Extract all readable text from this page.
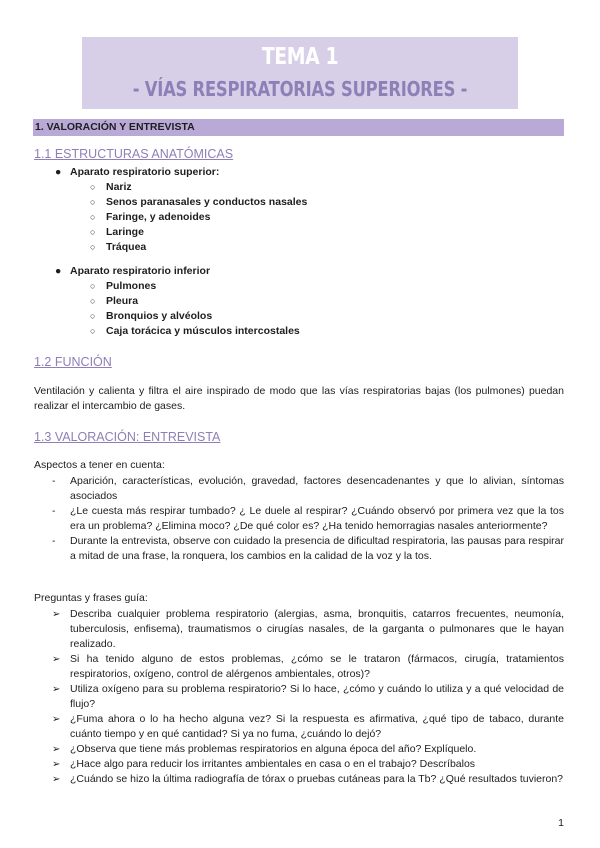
TEMA 1
- VÍAS RESPIRATORIAS SUPERIORES -
1. VALORACIÓN Y ENTREVISTA
1.1 ESTRUCTURAS ANATÓMICAS
● Aparato respiratorio superior:
○ Nariz
○ Senos paranasales y conductos nasales
○ Faringe, y adenoides
○ Laringe
○ Tráquea
● Aparato respiratorio inferior
○ Pulmones
○ Pleura
○ Bronquios y alvéolos
○ Caja torácica y músculos intercostales
1.2 FUNCIÓN

Ventilación y calienta y filtra el aire inspirado de modo que las vías respiratorias bajas (los pulmones) puedan realizar el intercambio de gases.

1.3 VALORACIÓN: ENTREVISTA

Aspectos a tener en cuenta:

- Aparición, características, evolución, gravedad, factores desencadenantes y que lo alivian, síntomas asociados
- ¿Le cuesta más respirar tumbado? ¿ Le duele al respirar? ¿Cuándo observó por primera vez que la tos era un problema? ¿Elimina moco? ¿De qué color es? ¿Ha tenido hemorragias nasales anteriormente?
- Durante la entrevista, observe con cuidado la presencia de dificultad respiratoria, las pausas para respirar a mitad de una frase, la ronquera, los cambios en la calidad de la voz y la tos.

Preguntas y frases guía:

➢ Describa cualquier problema respiratorio (alergias, asma, bronquitis, catarros frecuentes, neumonía, tuberculosis, enfisema), traumatismos o cirugías nasales, de la garganta o pulmonares que le hayan realizado.
➢ Si ha tenido alguno de estos problemas, ¿cómo se le trataron (fármacos, cirugía, tratamientos respiratorios, oxígeno, control de alérgenos ambientales, otros)?
➢ Utiliza oxígeno para su problema respiratorio? Si lo hace, ¿cómo y cuándo lo utiliza y a qué velocidad de flujo?
➢ ¿Fuma ahora o lo ha hecho alguna vez? Si la respuesta es afirmativa, ¿qué tipo de tabaco, durante cuánto tiempo y en qué cantidad? Si ya no fuma, ¿cuándo lo dejó?
➢ ¿Observa que tiene más problemas respiratorios en alguna época del año? Explíquelo.
➢ ¿Hace algo para reducir los irritantes ambientales en casa o en el trabajo? Descríbalos
➢ ¿Cuándo se hizo la última radiografía de tórax o pruebas cutáneas para la Tb? ¿Qué resultados tuvieron?
1
